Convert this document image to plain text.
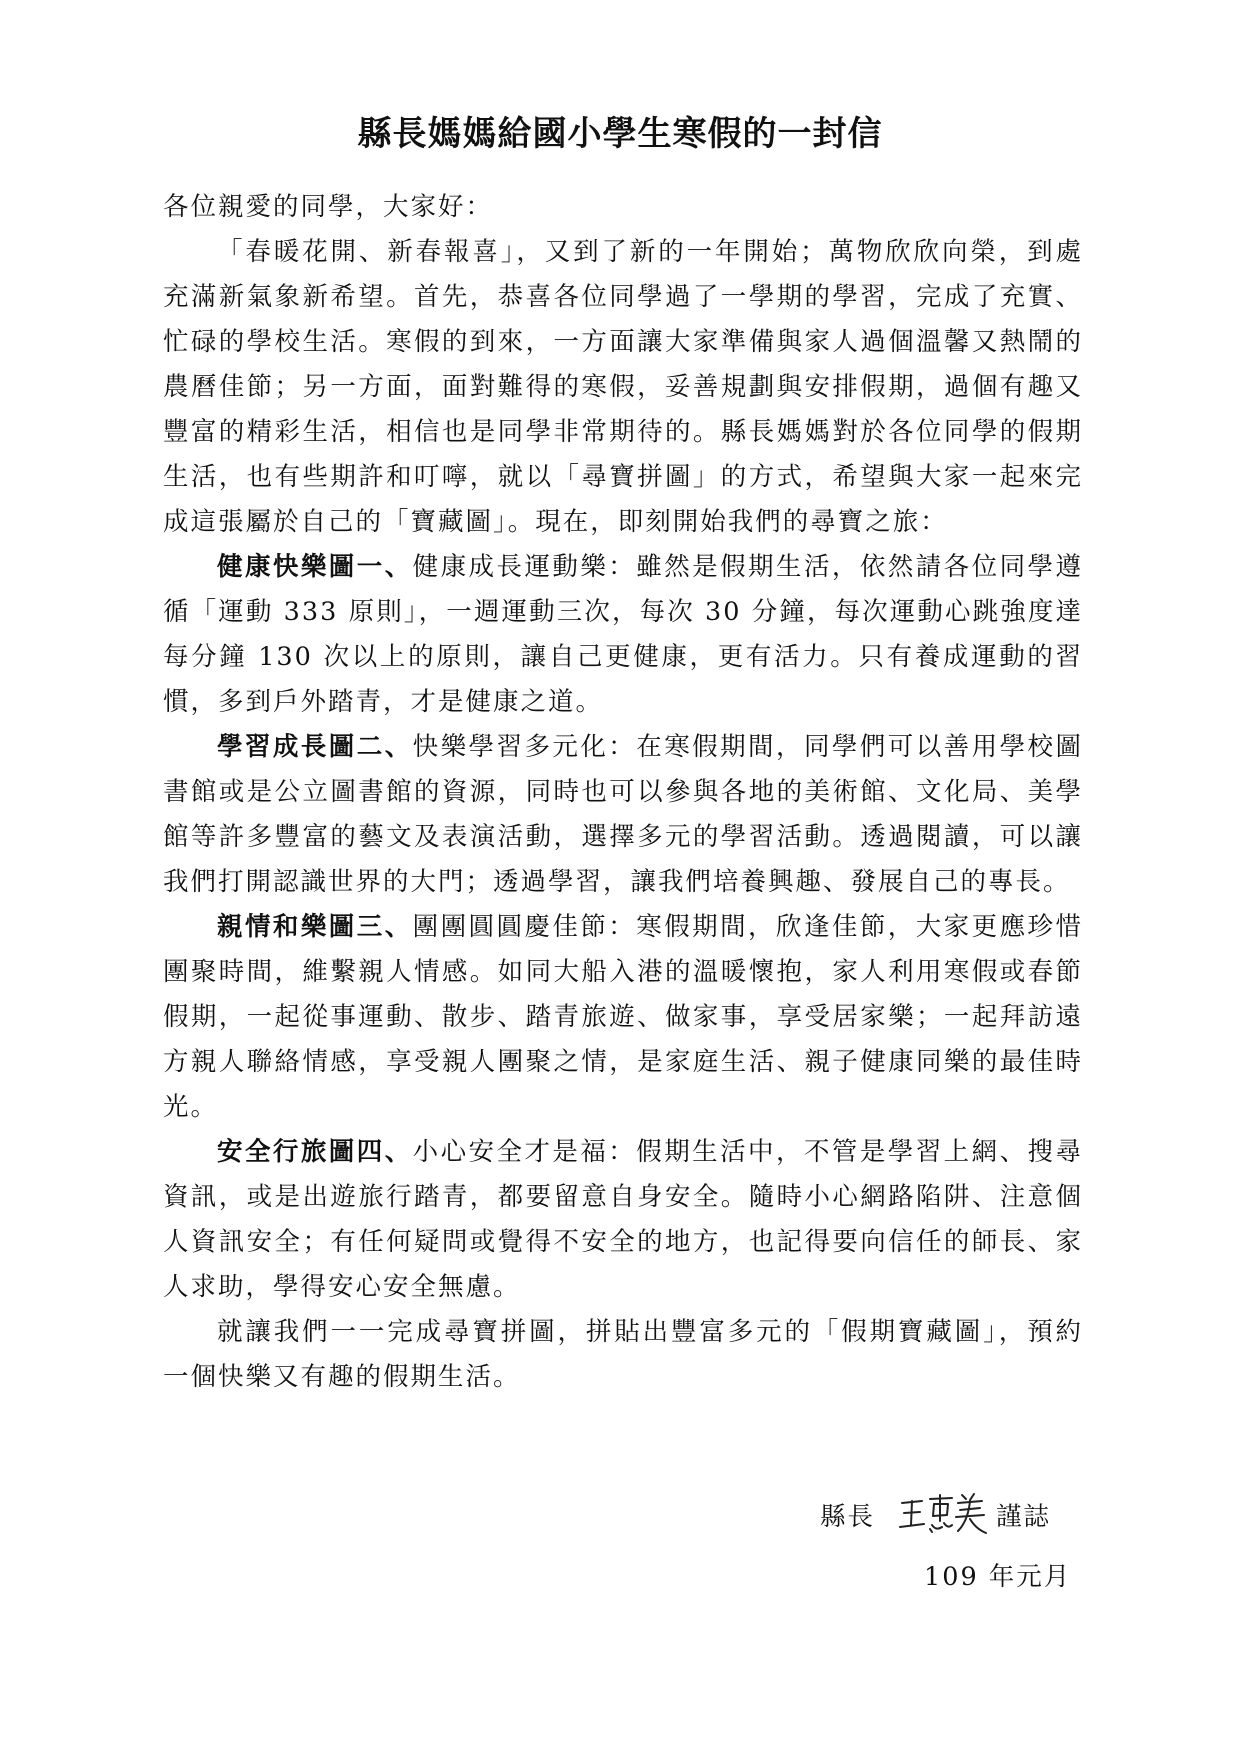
縣長媽媽給國小學生寒假的一封信

各位親愛的同學，大家好：

「春暖花開、新春報喜」，又到了新的一年開始；萬物欣欣向榮，到處充滿新氣象新希望。首先，恭喜各位同學過了一學期的學習，完成了充實、忙碌的學校生活。寒假的到來，一方面讓大家準備與家人過個溫馨又熱鬧的農曆佳節；另一方面，面對難得的寒假，妥善規劃與安排假期，過個有趣又豐富的精彩生活，相信也是同學非常期待的。縣長媽媽對於各位同學的假期生活，也有些期許和叮嚀，就以「尋寶拼圖」的方式，希望與大家一起來完成這張屬於自己的「寶藏圖」。現在，即刻開始我們的尋寶之旅：

健康快樂圖一、健康成長運動樂：雖然是假期生活，依然請各位同學遵循「運動 333 原則」，一週運動三次，每次 30 分鐘，每次運動心跳強度達每分鐘 130 次以上的原則，讓自己更健康，更有活力。只有養成運動的習慣，多到戶外踏青，才是健康之道。

學習成長圖二、快樂學習多元化：在寒假期間，同學們可以善用學校圖書館或是公立圖書館的資源，同時也可以參與各地的美術館、文化局、美學館等許多豐富的藝文及表演活動，選擇多元的學習活動。透過閱讀，可以讓我們打開認識世界的大門；透過學習，讓我們培養興趣、發展自己的專長。

親情和樂圖三、團團圓圓慶佳節：寒假期間，欣逢佳節，大家更應珍惜團聚時間，維繫親人情感。如同大船入港的溫暖懷抱，家人利用寒假或春節假期，一起從事運動、散步、踏青旅遊、做家事，享受居家樂；一起拜訪遠方親人聯絡情感，享受親人團聚之情，是家庭生活、親子健康同樂的最佳時光。

安全行旅圖四、小心安全才是福：假期生活中，不管是學習上網、搜尋資訊，或是出遊旅行踏青，都要留意自身安全。隨時小心網路陷阱、注意個人資訊安全；有任何疑問或覺得不安全的地方，也記得要向信任的師長、家人求助，學得安心安全無慮。

就讓我們一一完成尋寶拼圖，拼貼出豐富多元的「假期寶藏圖」，預約一個快樂又有趣的假期生活。

縣長	謹誌
109 年元月
